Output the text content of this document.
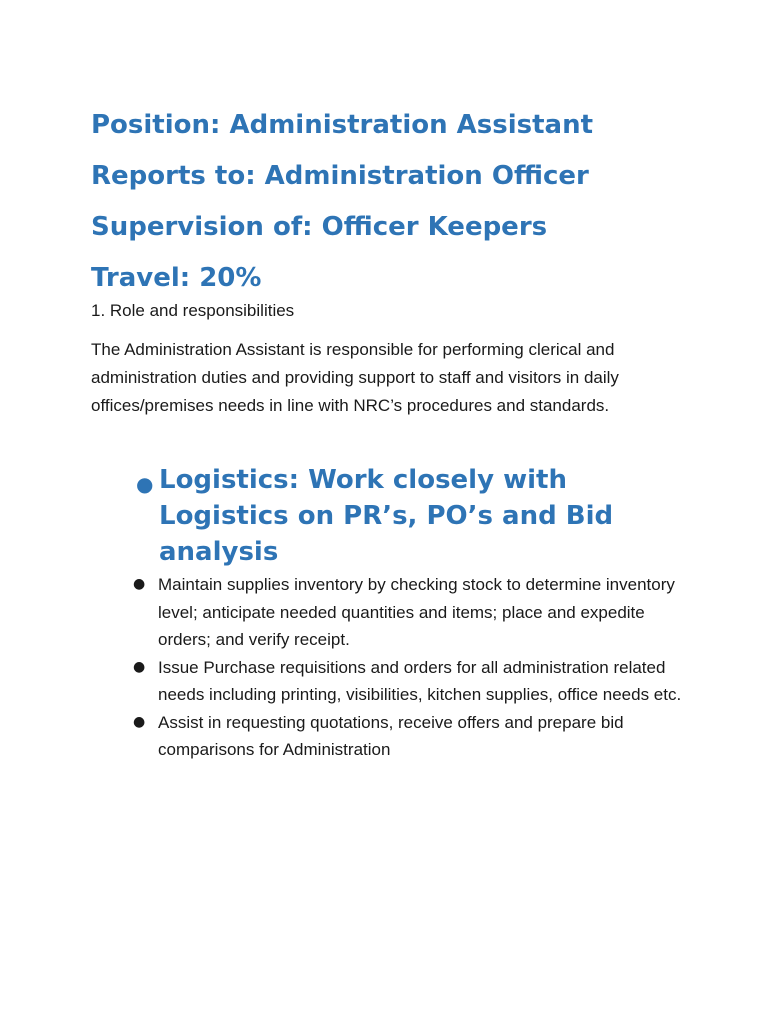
Position: Administration Assistant
Reports to: Administration Officer
Supervision of: Officer Keepers
Travel: 20%

1. Role and responsibilities

The Administration Assistant is responsible for performing clerical and administration duties and providing support to staff and visitors in daily offices/premises needs in line with NRC’s procedures and standards.

● Logistics: Work closely with Logistics on PR’s, PO’s and Bid analysis
● Maintain supplies inventory by checking stock to determine inventory level; anticipate needed quantities and items; place and expedite orders; and verify receipt.
● Issue Purchase requisitions and orders for all administration related needs including printing, visibilities, kitchen supplies, office needs etc.
● Assist in requesting quotations, receive offers and prepare bid comparisons for Administration
